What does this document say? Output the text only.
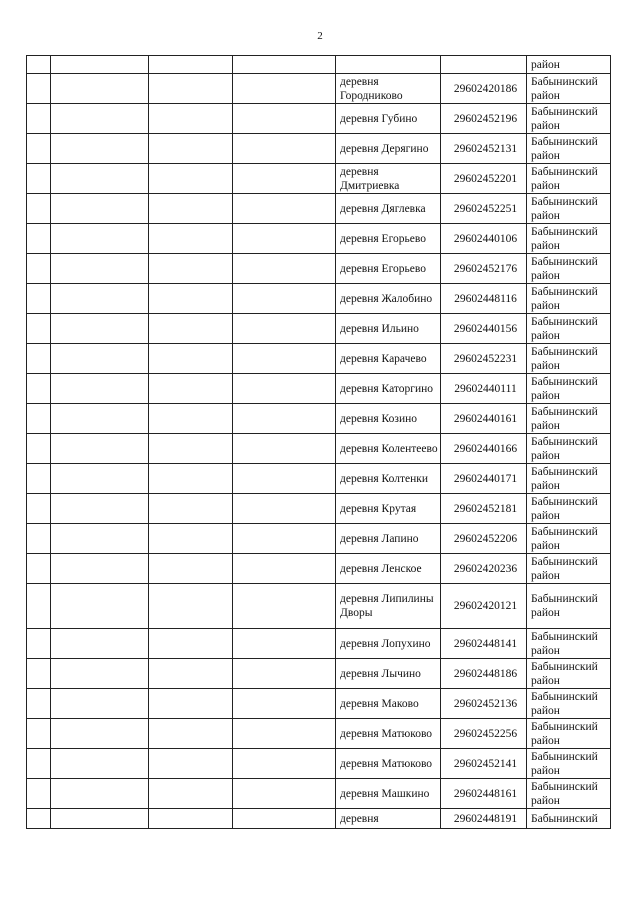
2
						район
				деревня Городниково	29602420186	Бабынинский район
				деревня Губино	29602452196	Бабынинский район
				деревня Дерягино	29602452131	Бабынинский район
				деревня Дмитриевка	29602452201	Бабынинский район
				деревня Дяглевка	29602452251	Бабынинский район
				деревня Егорьево	29602440106	Бабынинский район
				деревня Егорьево	29602452176	Бабынинский район
				деревня Жалобино	29602448116	Бабынинский район
				деревня Ильино	29602440156	Бабынинский район
				деревня Карачево	29602452231	Бабынинский район
				деревня Каторгино	29602440111	Бабынинский район
				деревня Козино	29602440161	Бабынинский район
				деревня Колентеево	29602440166	Бабынинский район
				деревня Колтенки	29602440171	Бабынинский район
				деревня Крутая	29602452181	Бабынинский район
				деревня Лапино	29602452206	Бабынинский район
				деревня Ленское	29602420236	Бабынинский район
				деревня Липилины Дворы	29602420121	Бабынинский район
				деревня Лопухино	29602448141	Бабынинский район
				деревня Лычино	29602448186	Бабынинский район
				деревня Маково	29602452136	Бабынинский район
				деревня Матюково	29602452256	Бабынинский район
				деревня Матюково	29602452141	Бабынинский район
				деревня Машкино	29602448161	Бабынинский район
				деревня	29602448191	Бабынинский
